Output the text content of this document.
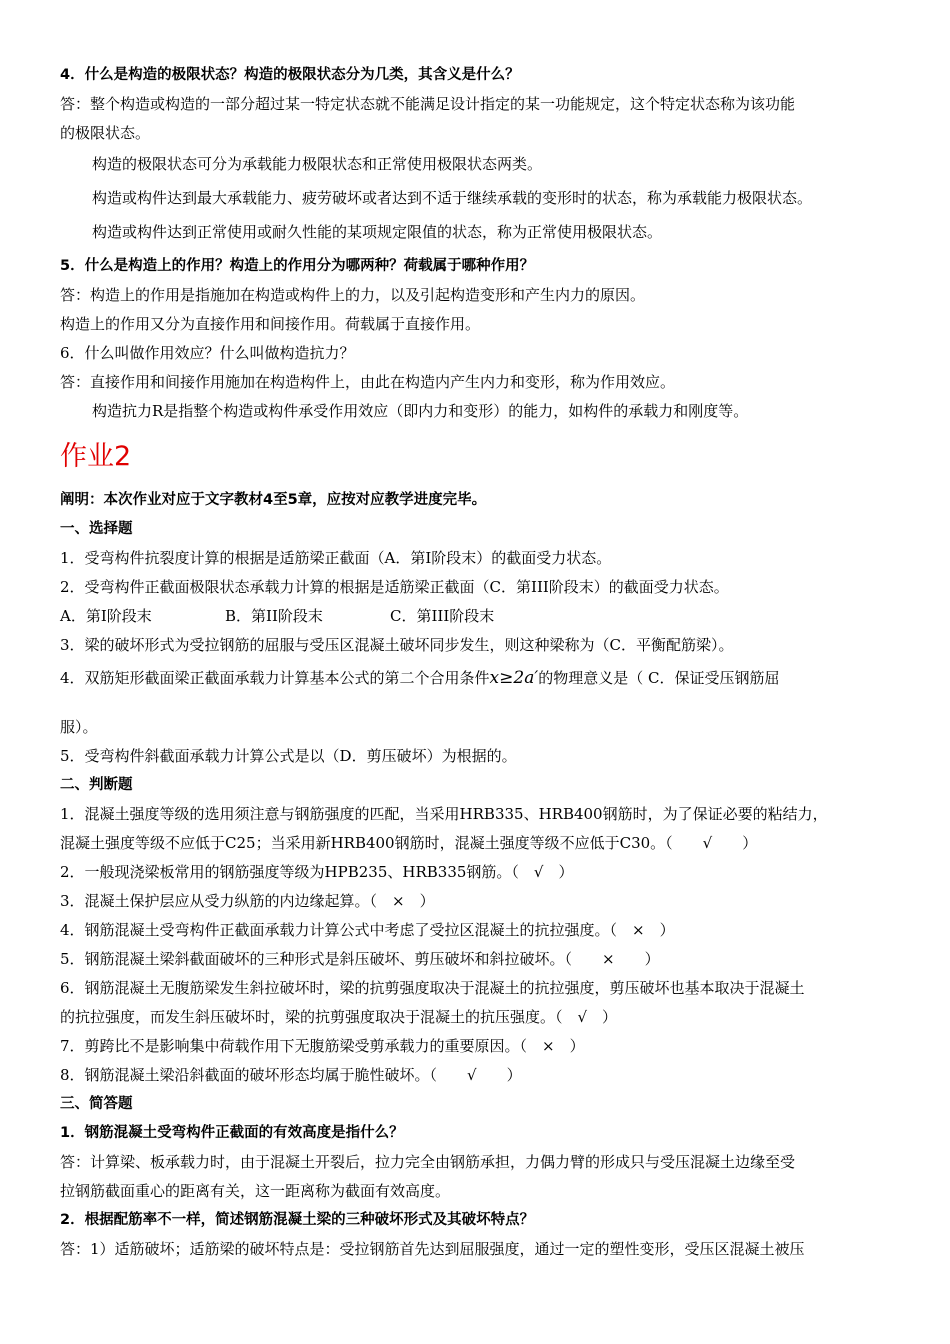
4．什么是构造的极限状态？构造的极限状态分为几类，其含义是什么？
答：整个构造或构造的一部分超过某一特定状态就不能满足设计指定的某一功能规定，这个特定状态称为该功能
的极限状态。
构造的极限状态可分为承载能力极限状态和正常使用极限状态两类。
构造或构件达到最大承载能力、疲劳破坏或者达到不适于继续承载的变形时的状态，称为承载能力极限状态。
构造或构件达到正常使用或耐久性能的某项规定限值的状态，称为正常使用极限状态。
5．什么是构造上的作用？构造上的作用分为哪两种？荷载属于哪种作用？
答：构造上的作用是指施加在构造或构件上的力，以及引起构造变形和产生内力的原因。
构造上的作用又分为直接作用和间接作用。荷载属于直接作用。
6．什么叫做作用效应？什么叫做构造抗力？
答：直接作用和间接作用施加在构造构件上，由此在构造内产生内力和变形，称为作用效应。
构造抗力R是指整个构造或构件承受作用效应（即内力和变形）的能力，如构件的承载力和刚度等。
作业2
阐明：本次作业对应于文字教材4至5章，应按对应教学进度完毕。
一、选择题
1．受弯构件抗裂度计算的根据是适筋梁正截面（A．第I阶段末）的截面受力状态。
2．受弯构件正截面极限状态承载力计算的根据是适筋梁正截面（C．第III阶段末）的截面受力状态。
A．第I阶段末	B．第II阶段末	C．第III阶段末
3．梁的破坏形式为受拉钢筋的屈服与受压区混凝土破坏同步发生，则这种梁称为（C．平衡配筋梁）。
4．双筋矩形截面梁正截面承载力计算基本公式的第二个合用条件x≥2a′的物理意义是（ C．保证受压钢筋屈
服）。
5．受弯构件斜截面承载力计算公式是以（D．剪压破坏）为根据的。
二、判断题
1．混凝土强度等级的选用须注意与钢筋强度的匹配，当采用HRB335、HRB400钢筋时，为了保证必要的粘结力，
混凝土强度等级不应低于C25；当采用新HRB400钢筋时，混凝土强度等级不应低于C30。（　　√　　）
2．一般现浇梁板常用的钢筋强度等级为HPB235、HRB335钢筋。（　√　）
3．混凝土保护层应从受力纵筋的内边缘起算。（　×　）
4．钢筋混凝土受弯构件正截面承载力计算公式中考虑了受拉区混凝土的抗拉强度。（　×　）
5．钢筋混凝土梁斜截面破坏的三种形式是斜压破坏、剪压破坏和斜拉破坏。（　　×　　）
6．钢筋混凝土无腹筋梁发生斜拉破坏时，梁的抗剪强度取决于混凝土的抗拉强度，剪压破坏也基本取决于混凝土
的抗拉强度，而发生斜压破坏时，梁的抗剪强度取决于混凝土的抗压强度。（　√　）
7．剪跨比不是影响集中荷载作用下无腹筋梁受剪承载力的重要原因。（　×　）
8．钢筋混凝土梁沿斜截面的破坏形态均属于脆性破坏。（　　√　　）
三、简答题
1．钢筋混凝土受弯构件正截面的有效高度是指什么？
答：计算梁、板承载力时，由于混凝土开裂后，拉力完全由钢筋承担，力偶力臂的形成只与受压混凝土边缘至受
拉钢筋截面重心的距离有关，这一距离称为截面有效高度。
2．根据配筋率不一样，简述钢筋混凝土梁的三种破坏形式及其破坏特点？
答：1）适筋破坏；适筋梁的破坏特点是：受拉钢筋首先达到屈服强度，通过一定的塑性变形，受压区混凝土被压
